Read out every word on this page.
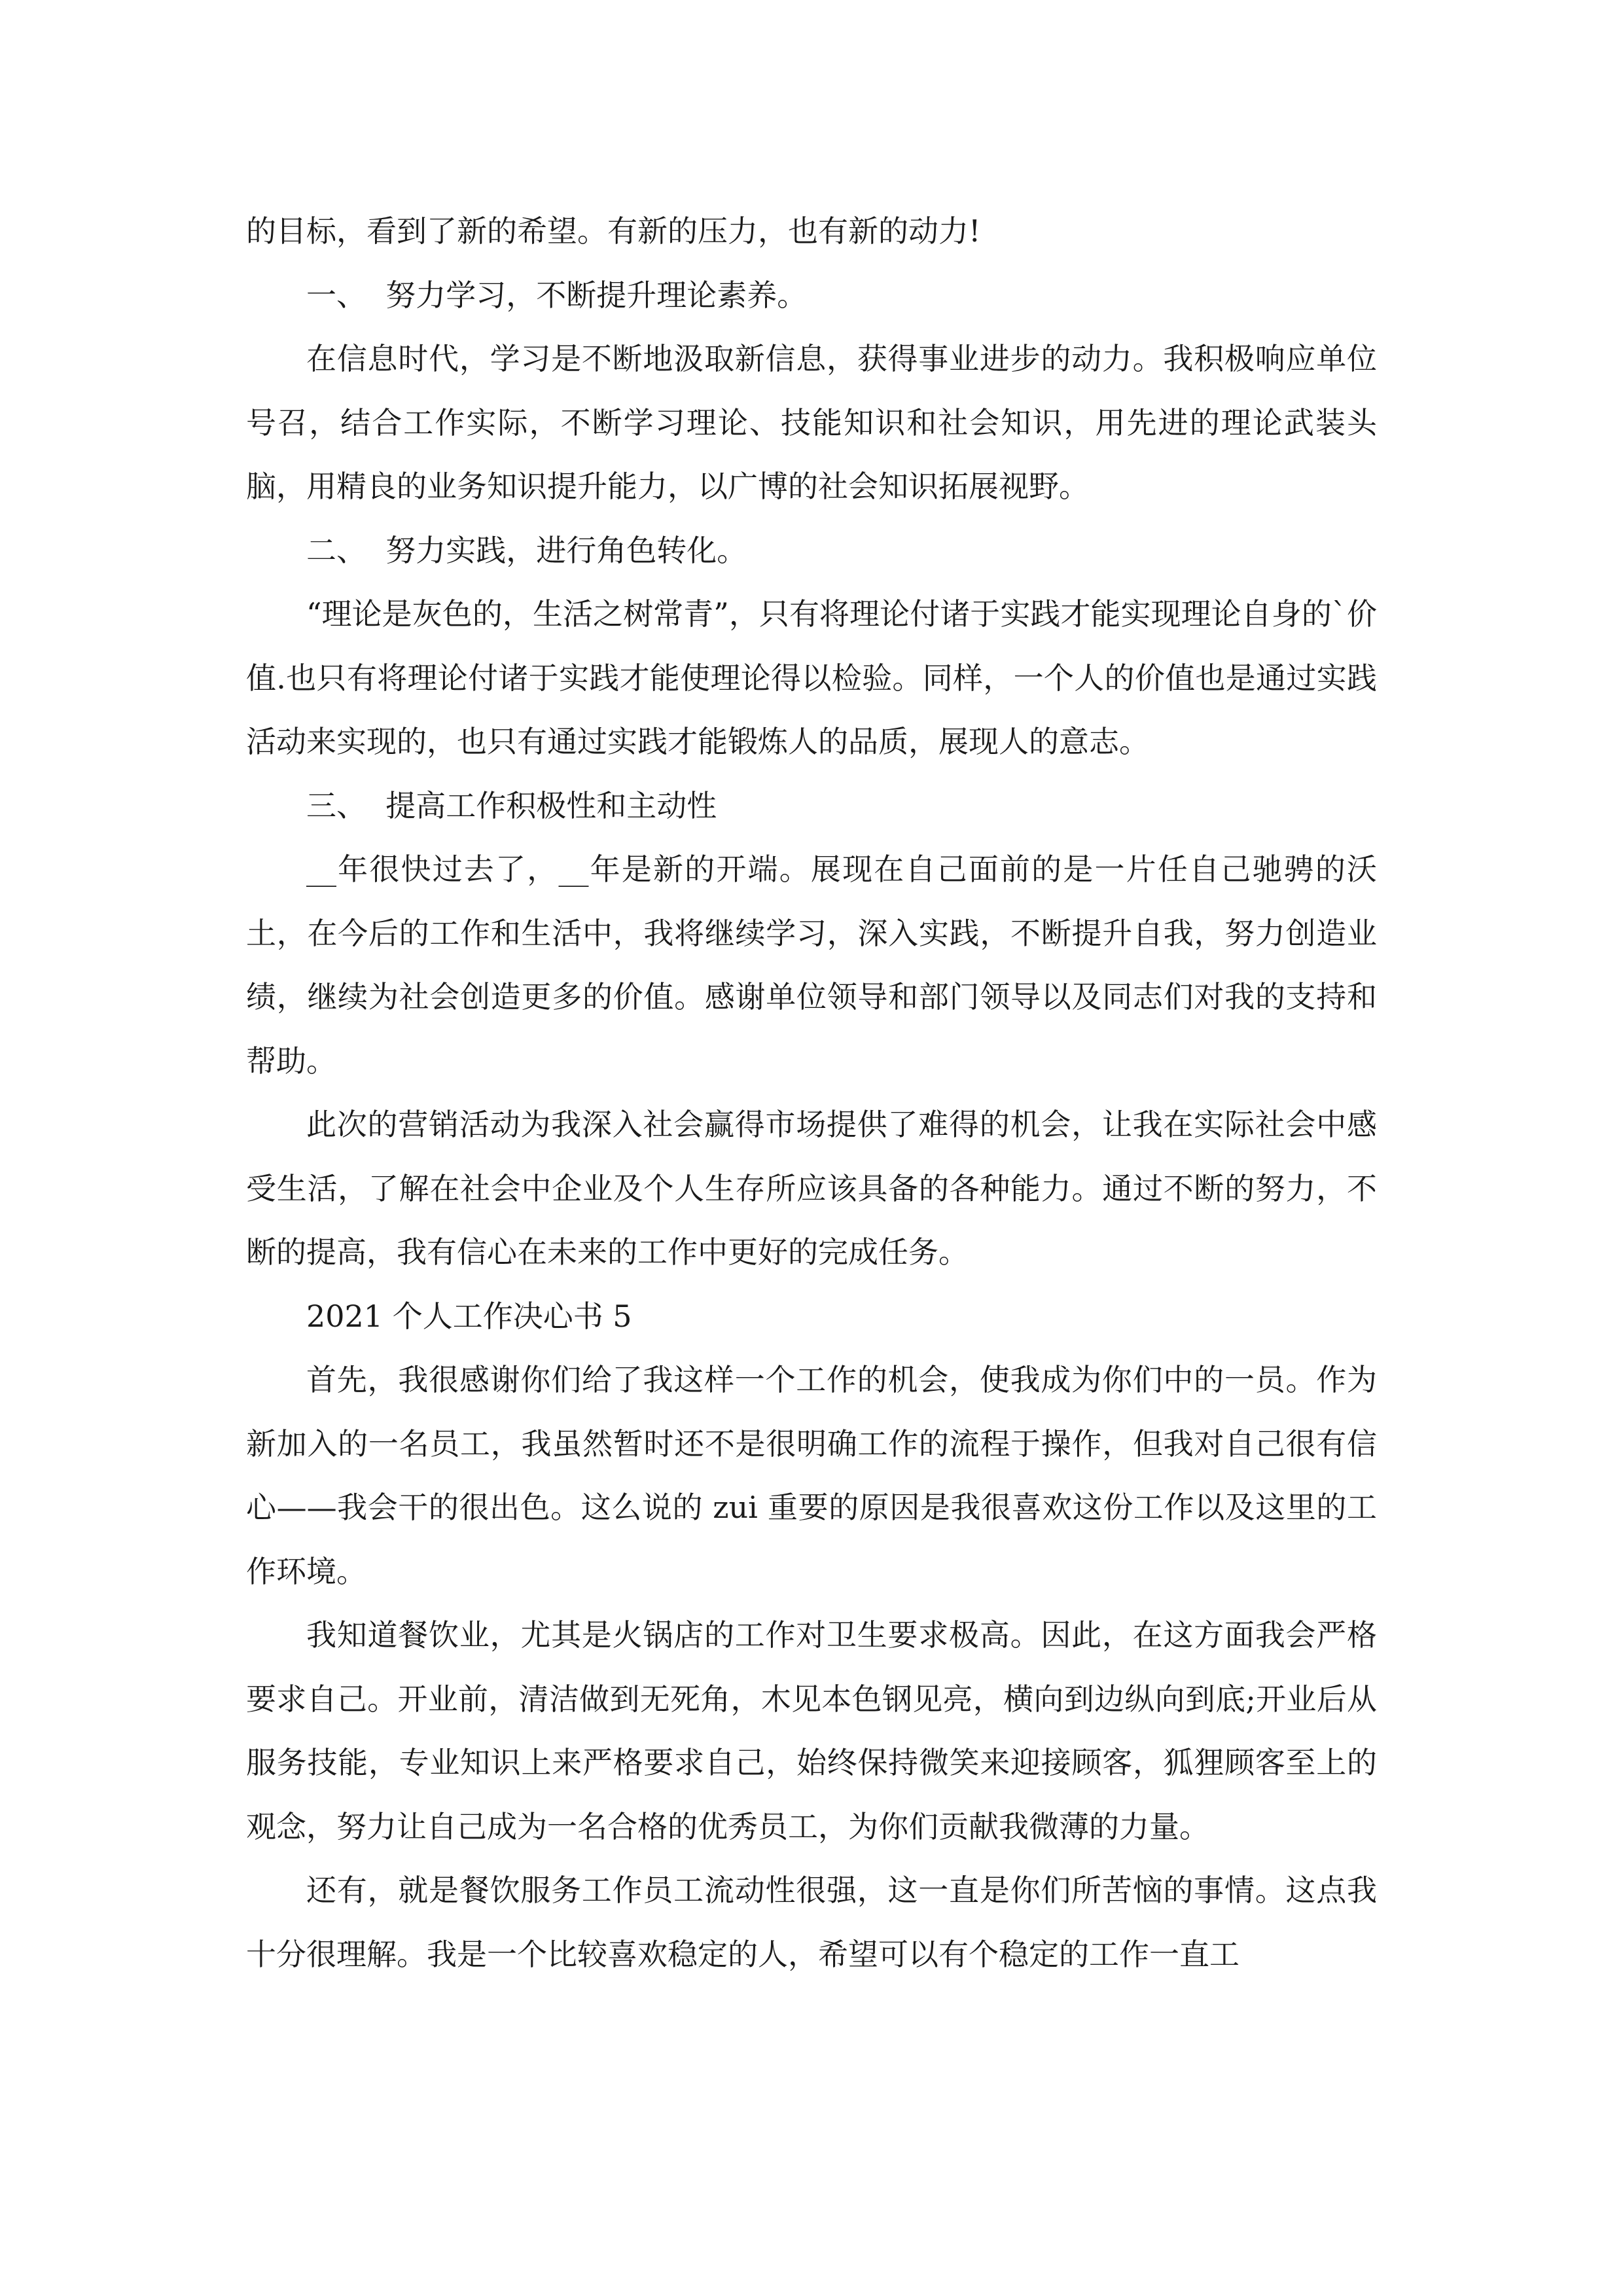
的目标，看到了新的希望。有新的压力，也有新的动力!

一、  努力学习，不断提升理论素养。

在信息时代，学习是不断地汲取新信息，获得事业进步的动力。我积极响应单位号召，结合工作实际，不断学习理论、技能知识和社会知识，用先进的理论武装头脑，用精良的业务知识提升能力，以广博的社会知识拓展视野。

二、  努力实践，进行角色转化。

“理论是灰色的，生活之树常青”，只有将理论付诸于实践才能实现理论自身的`价值.也只有将理论付诸于实践才能使理论得以检验。同样，一个人的价值也是通过实践活动来实现的，也只有通过实践才能锻炼人的品质，展现人的意志。

三、  提高工作积极性和主动性

__年很快过去了，__年是新的开端。展现在自己面前的是一片任自己驰骋的沃土，在今后的工作和生活中，我将继续学习，深入实践，不断提升自我，努力创造业绩，继续为社会创造更多的价值。感谢单位领导和部门领导以及同志们对我的支持和帮助。

此次的营销活动为我深入社会赢得市场提供了难得的机会，让我在实际社会中感受生活，了解在社会中企业及个人生存所应该具备的各种能力。通过不断的努力，不断的提高，我有信心在未来的工作中更好的完成任务。

2021 个人工作决心书 5

首先，我很感谢你们给了我这样一个工作的机会，使我成为你们中的一员。作为新加入的一名员工，我虽然暂时还不是很明确工作的流程于操作，但我对自己很有信心——我会干的很出色。这么说的 zui 重要的原因是我很喜欢这份工作以及这里的工作环境。

我知道餐饮业，尤其是火锅店的工作对卫生要求极高。因此，在这方面我会严格要求自己。开业前，清洁做到无死角，木见本色钢见亮，横向到边纵向到底;开业后从服务技能，专业知识上来严格要求自己，始终保持微笑来迎接顾客，狐狸顾客至上的观念，努力让自己成为一名合格的优秀员工，为你们贡献我微薄的力量。

还有，就是餐饮服务工作员工流动性很强，这一直是你们所苦恼的事情。这点我十分很理解。我是一个比较喜欢稳定的人，希望可以有个稳定的工作一直工
